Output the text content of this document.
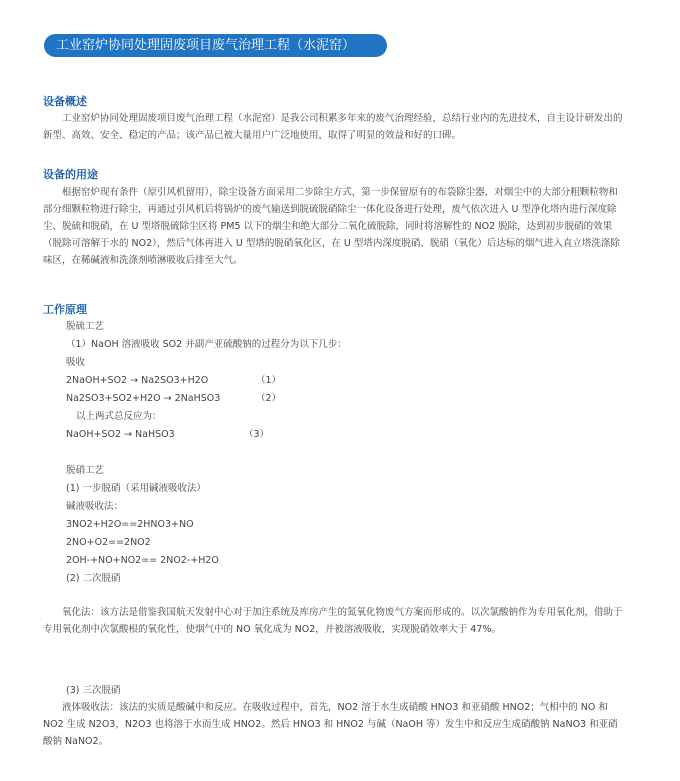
工业窑炉协同处理固废项目废气治理工程（水泥窑）
设备概述

工业窑炉协同处理固废项目废气治理工程（水泥窑）是我公司积累多年来的废气治理经验，总结行业内的先进技术，自主设计研发出的新型、高效、安全、稳定的产品；该产品已被大量用户广泛地使用，取得了明显的效益和好的口碑。

设备的用途

根据窑炉现有条件（原引风机留用），除尘设备方面采用二步除尘方式，第一步保留原有的布袋除尘器，对烟尘中的大部分粗颗粒物和部分细颗粒物进行除尘，再通过引风机后将锅炉的废气输送到脱硫脱硝除尘一体化设备进行处理，废气依次进入 U 型净化塔内进行深度除尘、脱硫和脱硝，在 U 型塔脱硫除尘区将 PM5 以下的烟尘和绝大部分二氧化硫脱除，同时将溶解性的 NO2 脱除，达到初步脱硝的效果（脱除可溶解于水的 NO2），然后气体再进入 U 型塔的脱硝氧化区，在 U 型塔内深度脱硝、脱硝（氧化）后达标的烟气进入直立塔洗涤除味区，在稀碱液和洗涤剂喷淋吸收后排至大气。

工作原理
脱硫工艺
（1）NaOH 溶液吸收 SO2 并副产亚硫酸钠的过程分为以下几步：
吸收
2NaOH+SO2 → Na2SO3+H2O	（1）
Na2SO3+SO2+H2O → 2NaHSO3	（2）
以上两式总反应为：
NaOH+SO2 → NaHSO3	（3）
脱硝工艺
(1) 一步脱硝（采用碱液吸收法）
碱液吸收法：
3NO2+H2O==2HNO3+NO
2NO+O2==2NO2
2OH-+NO+NO2== 2NO2-+H2O
(2) 二次脱硝

氧化法：该方法是借鉴我国航天发射中心对于加注系统及库房产生的氮氧化物废气方案而形成的。以次氯酸钠作为专用氧化剂，借助于专用氧化剂中次氯酸根的氧化性，使烟气中的 NO 氧化成为 NO2，并被溶液吸收，实现脱硝效率大于 47%。

(3) 三次脱硝

液体吸收法：该法的实质是酸碱中和反应。在吸收过程中，首先，NO2 溶于水生成硝酸 HNO3 和亚硝酸 HNO2；气相中的 NO 和 NO2 生成 N2O3，N2O3 也将溶于水而生成 HNO2。然后 HNO3 和 HNO2 与碱（NaOH 等）发生中和反应生成硝酸钠 NaNO3 和亚硝酸钠 NaNO2。
